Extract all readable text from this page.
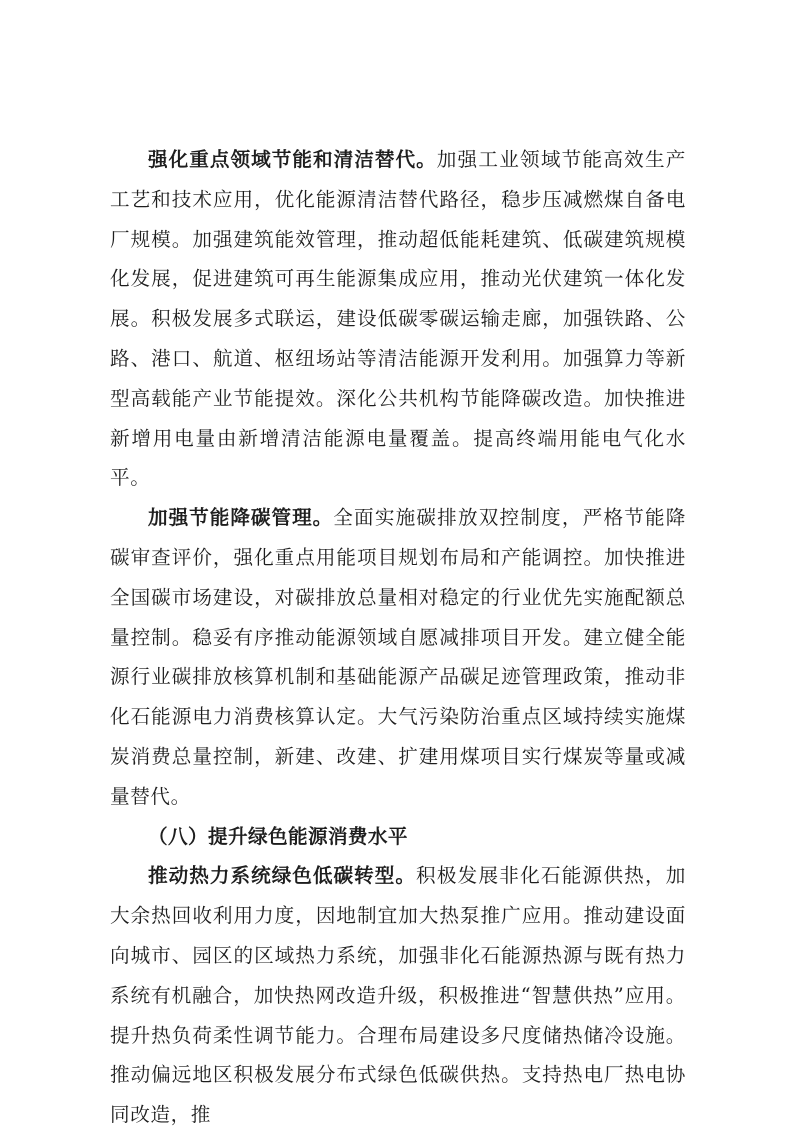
强化重点领域节能和清洁替代。加强工业领域节能高效生产工艺和技术应用，优化能源清洁替代路径，稳步压减燃煤自备电厂规模。加强建筑能效管理，推动超低能耗建筑、低碳建筑规模化发展，促进建筑可再生能源集成应用，推动光伏建筑一体化发展。积极发展多式联运，建设低碳零碳运输走廊，加强铁路、公路、港口、航道、枢纽场站等清洁能源开发利用。加强算力等新型高载能产业节能提效。深化公共机构节能降碳改造。加快推进新增用电量由新增清洁能源电量覆盖。提高终端用能电气化水平。

加强节能降碳管理。全面实施碳排放双控制度，严格节能降碳审查评价，强化重点用能项目规划布局和产能调控。加快推进全国碳市场建设，对碳排放总量相对稳定的行业优先实施配额总量控制。稳妥有序推动能源领域自愿减排项目开发。建立健全能源行业碳排放核算机制和基础能源产品碳足迹管理政策，推动非化石能源电力消费核算认定。大气污染防治重点区域持续实施煤炭消费总量控制，新建、改建、扩建用煤项目实行煤炭等量或减量替代。

（八）提升绿色能源消费水平

推动热力系统绿色低碳转型。积极发展非化石能源供热，加大余热回收利用力度，因地制宜加大热泵推广应用。推动建设面向城市、园区的区域热力系统，加强非化石能源热源与既有热力系统有机融合，加快热网改造升级，积极推进“智慧供热”应用。提升热负荷柔性调节能力。合理布局建设多尺度储热储冷设施。推动偏远地区积极发展分布式绿色低碳供热。支持热电厂热电协同改造，推
